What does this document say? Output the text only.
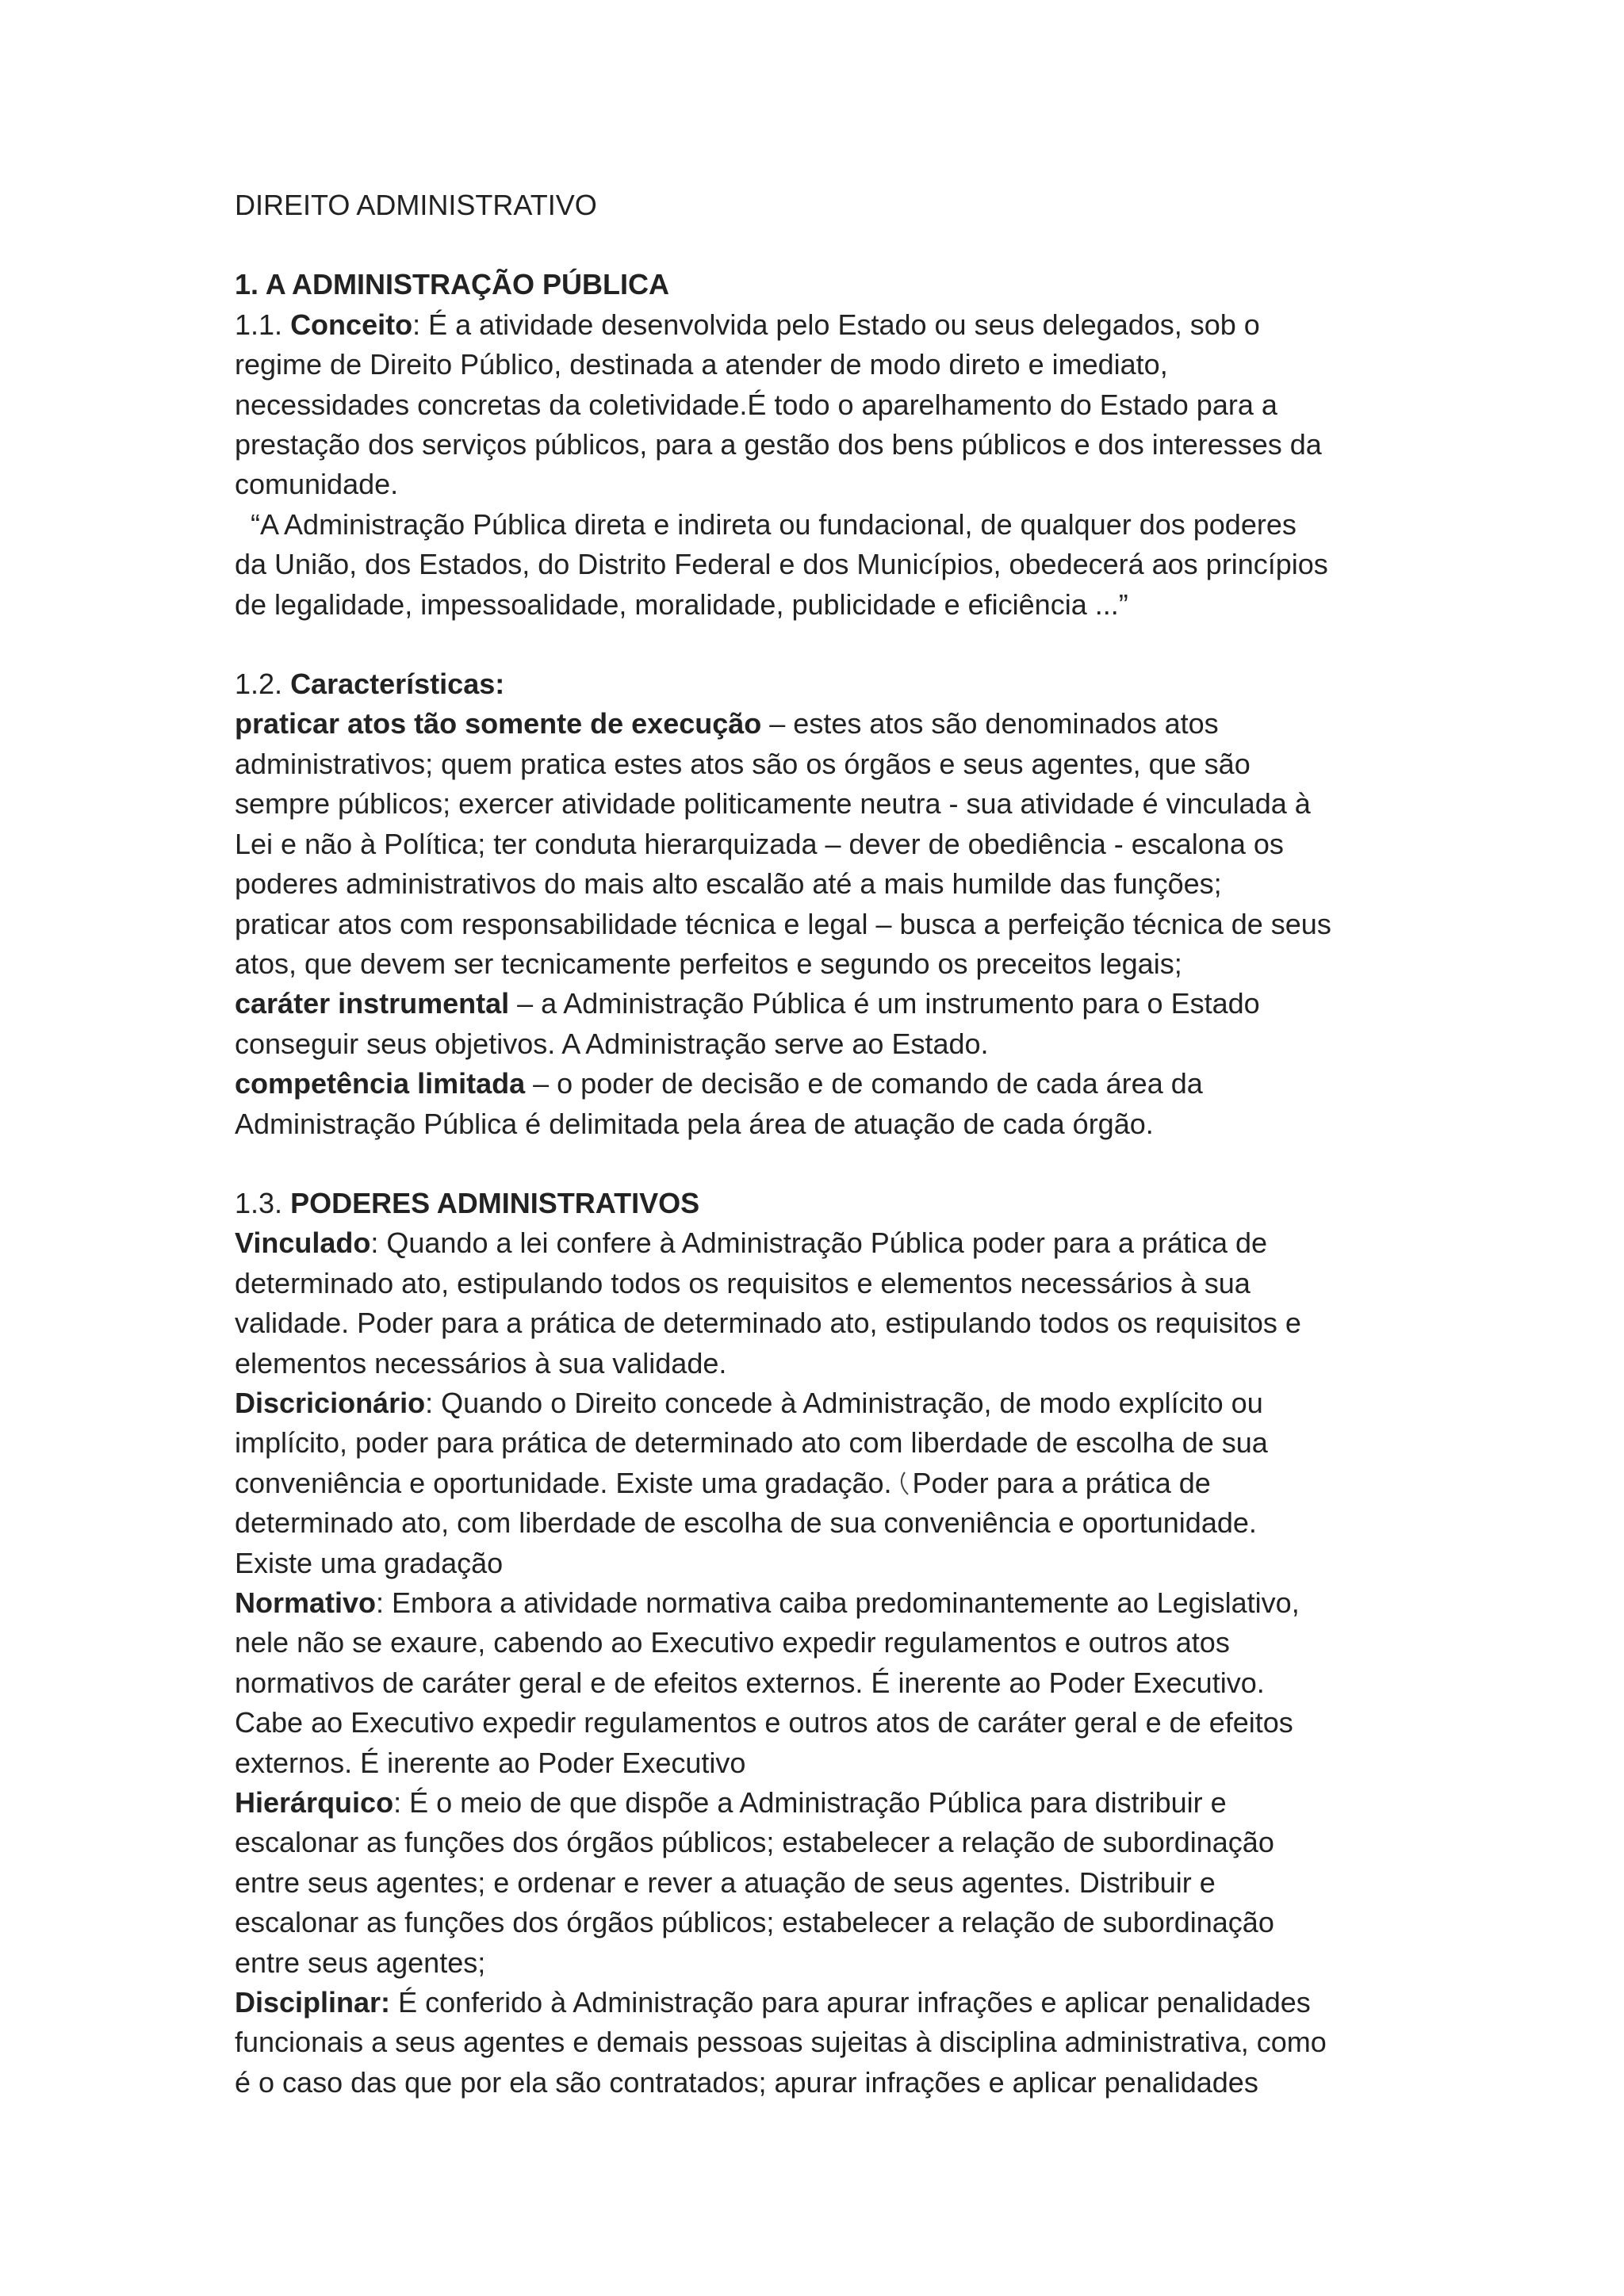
DIREITO ADMINISTRATIVO

1. A ADMINISTRAÇÃO PÚBLICA

1.1. Conceito: É a atividade desenvolvida pelo Estado ou seus delegados, sob o

regime de Direito Público, destinada a atender de modo direto e imediato,

necessidades concretas da coletividade.É todo o aparelhamento do Estado para a

prestação dos serviços públicos, para a gestão dos bens públicos e dos interesses da

comunidade.

“A Administração Pública direta e indireta ou fundacional, de qualquer dos poderes

da União, dos Estados, do Distrito Federal e dos Municípios, obedecerá aos princípios

de legalidade, impessoalidade, moralidade, publicidade e eficiência ...”

1.2. Características:

praticar atos tão somente de execução – estes atos são denominados atos

administrativos; quem pratica estes atos são os órgãos e seus agentes, que são

sempre públicos; exercer atividade politicamente neutra - sua atividade é vinculada à

Lei e não à Política; ter conduta hierarquizada – dever de obediência - escalona os

poderes administrativos do mais alto escalão até a mais humilde das funções;

praticar atos com responsabilidade técnica e legal – busca a perfeição técnica de seus

atos, que devem ser tecnicamente perfeitos e segundo os preceitos legais;

caráter instrumental – a Administração Pública é um instrumento para o Estado

conseguir seus objetivos. A Administração serve ao Estado.

competência limitada – o poder de decisão e de comando de cada área da

Administração Pública é delimitada pela área de atuação de cada órgão.

1.3. PODERES ADMINISTRATIVOS

Vinculado: Quando a lei confere à Administração Pública poder para a prática de

determinado ato, estipulando todos os requisitos e elementos necessários à sua

validade. Poder para a prática de determinado ato, estipulando todos os requisitos e

elementos necessários à sua validade.

Discricionário: Quando o Direito concede à Administração, de modo explícito ou

implícito, poder para prática de determinado ato com liberdade de escolha de sua

conveniência e oportunidade. Existe uma gradação. Poder para a prática de

determinado ato, com liberdade de escolha de sua conveniência e oportunidade.

Existe uma gradação

Normativo: Embora a atividade normativa caiba predominantemente ao Legislativo,

nele não se exaure, cabendo ao Executivo expedir regulamentos e outros atos

normativos de caráter geral e de efeitos externos. É inerente ao Poder Executivo.

Cabe ao Executivo expedir regulamentos e outros atos de caráter geral e de efeitos

externos. É inerente ao Poder Executivo

Hierárquico: É o meio de que dispõe a Administração Pública para distribuir e

escalonar as funções dos órgãos públicos; estabelecer a relação de subordinação

entre seus agentes; e ordenar e rever a atuação de seus agentes. Distribuir e

escalonar as funções dos órgãos públicos; estabelecer a relação de subordinação

entre seus agentes;

Disciplinar: É conferido à Administração para apurar infrações e aplicar penalidades

funcionais a seus agentes e demais pessoas sujeitas à disciplina administrativa, como

é o caso das que por ela são contratados; apurar infrações e aplicar penalidades
